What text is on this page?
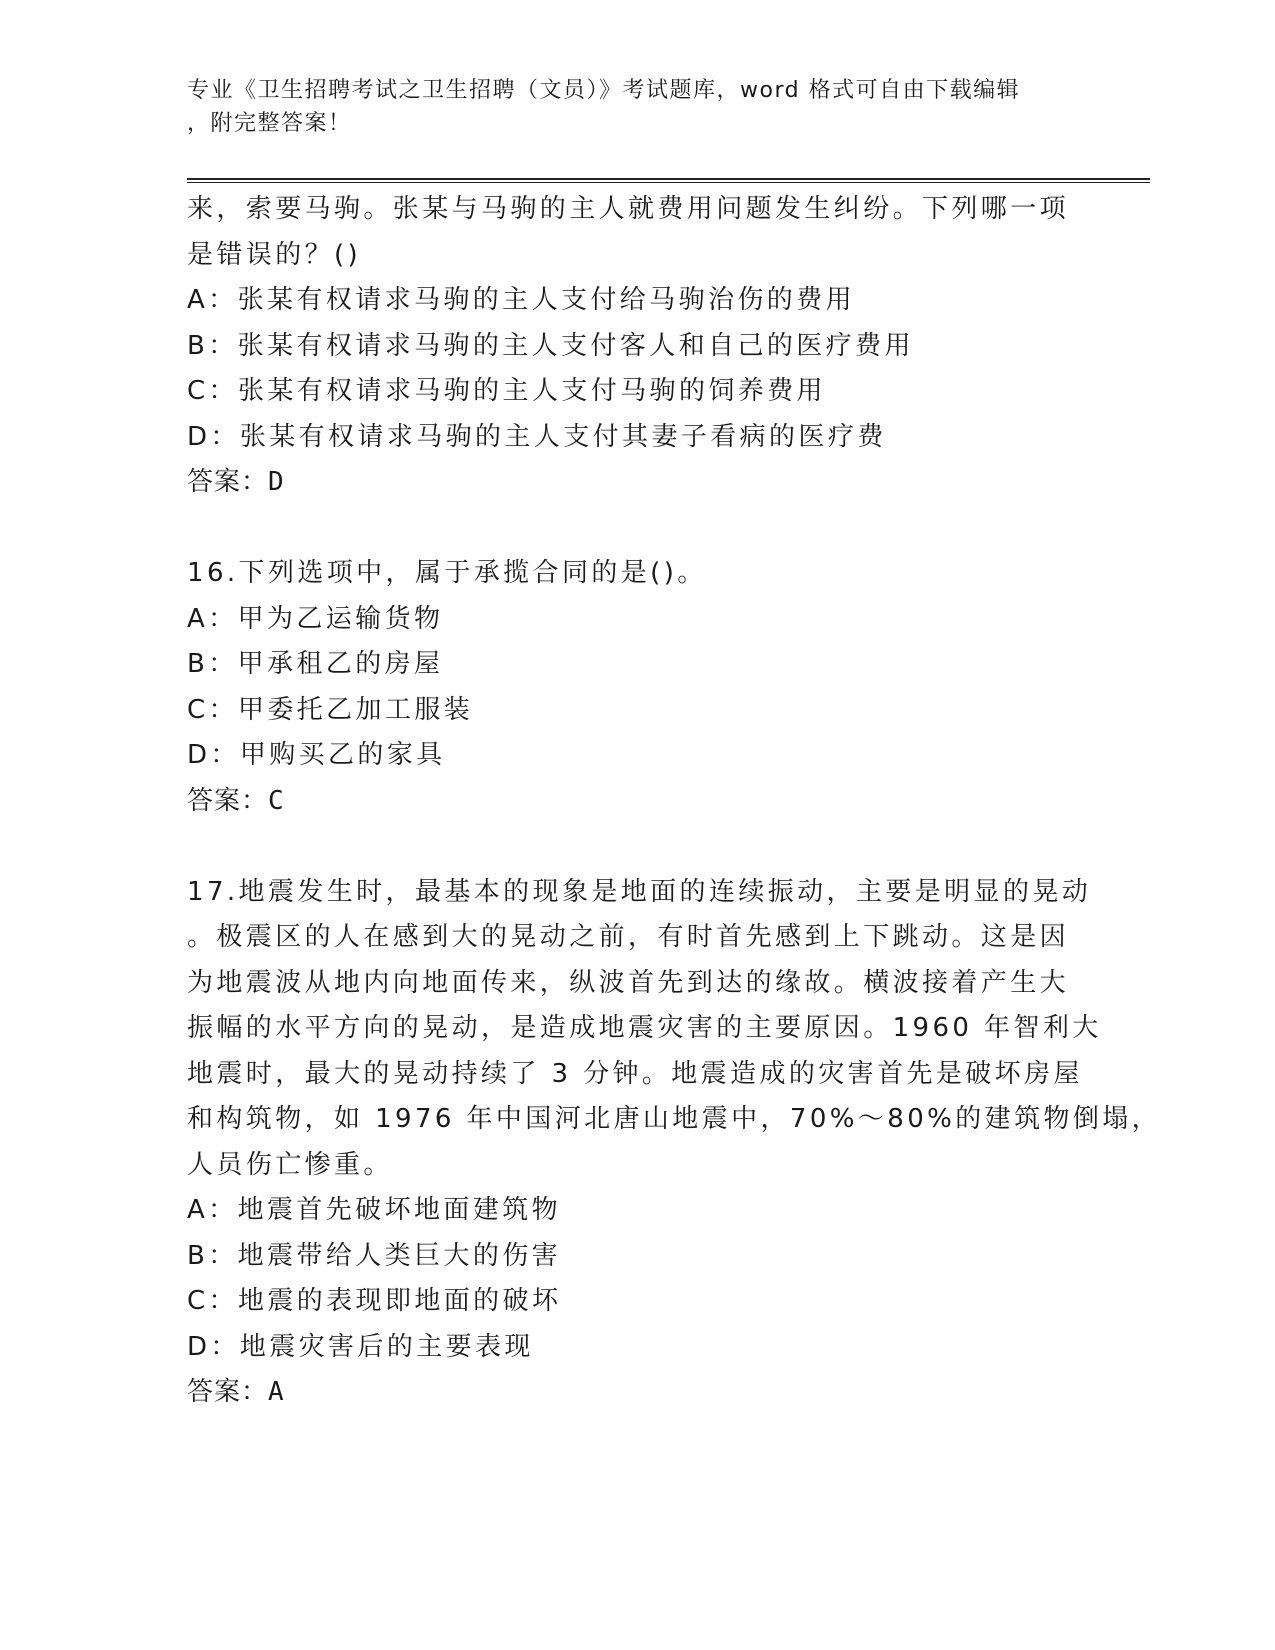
专业《卫生招聘考试之卫生招聘（文员）》考试题库，word 格式可自由下载编辑
，附完整答案！
来，索要马驹。张某与马驹的主人就费用问题发生纠纷。下列哪一项
是错误的？()
A：张某有权请求马驹的主人支付给马驹治伤的费用
B：张某有权请求马驹的主人支付客人和自己的医疗费用
C：张某有权请求马驹的主人支付马驹的饲养费用
D：张某有权请求马驹的主人支付其妻子看病的医疗费
答案：D
16.下列选项中，属于承揽合同的是()。
A：甲为乙运输货物
B：甲承租乙的房屋
C：甲委托乙加工服装
D：甲购买乙的家具
答案：C
17.地震发生时，最基本的现象是地面的连续振动，主要是明显的晃动
。极震区的人在感到大的晃动之前，有时首先感到上下跳动。这是因
为地震波从地内向地面传来，纵波首先到达的缘故。横波接着产生大
振幅的水平方向的晃动，是造成地震灾害的主要原因。1960 年智利大
地震时，最大的晃动持续了 3 分钟。地震造成的灾害首先是破坏房屋
和构筑物，如 1976 年中国河北唐山地震中，70%～80%的建筑物倒塌，
人员伤亡惨重。
A：地震首先破坏地面建筑物
B：地震带给人类巨大的伤害
C：地震的表现即地面的破坏
D：地震灾害后的主要表现
答案：A
